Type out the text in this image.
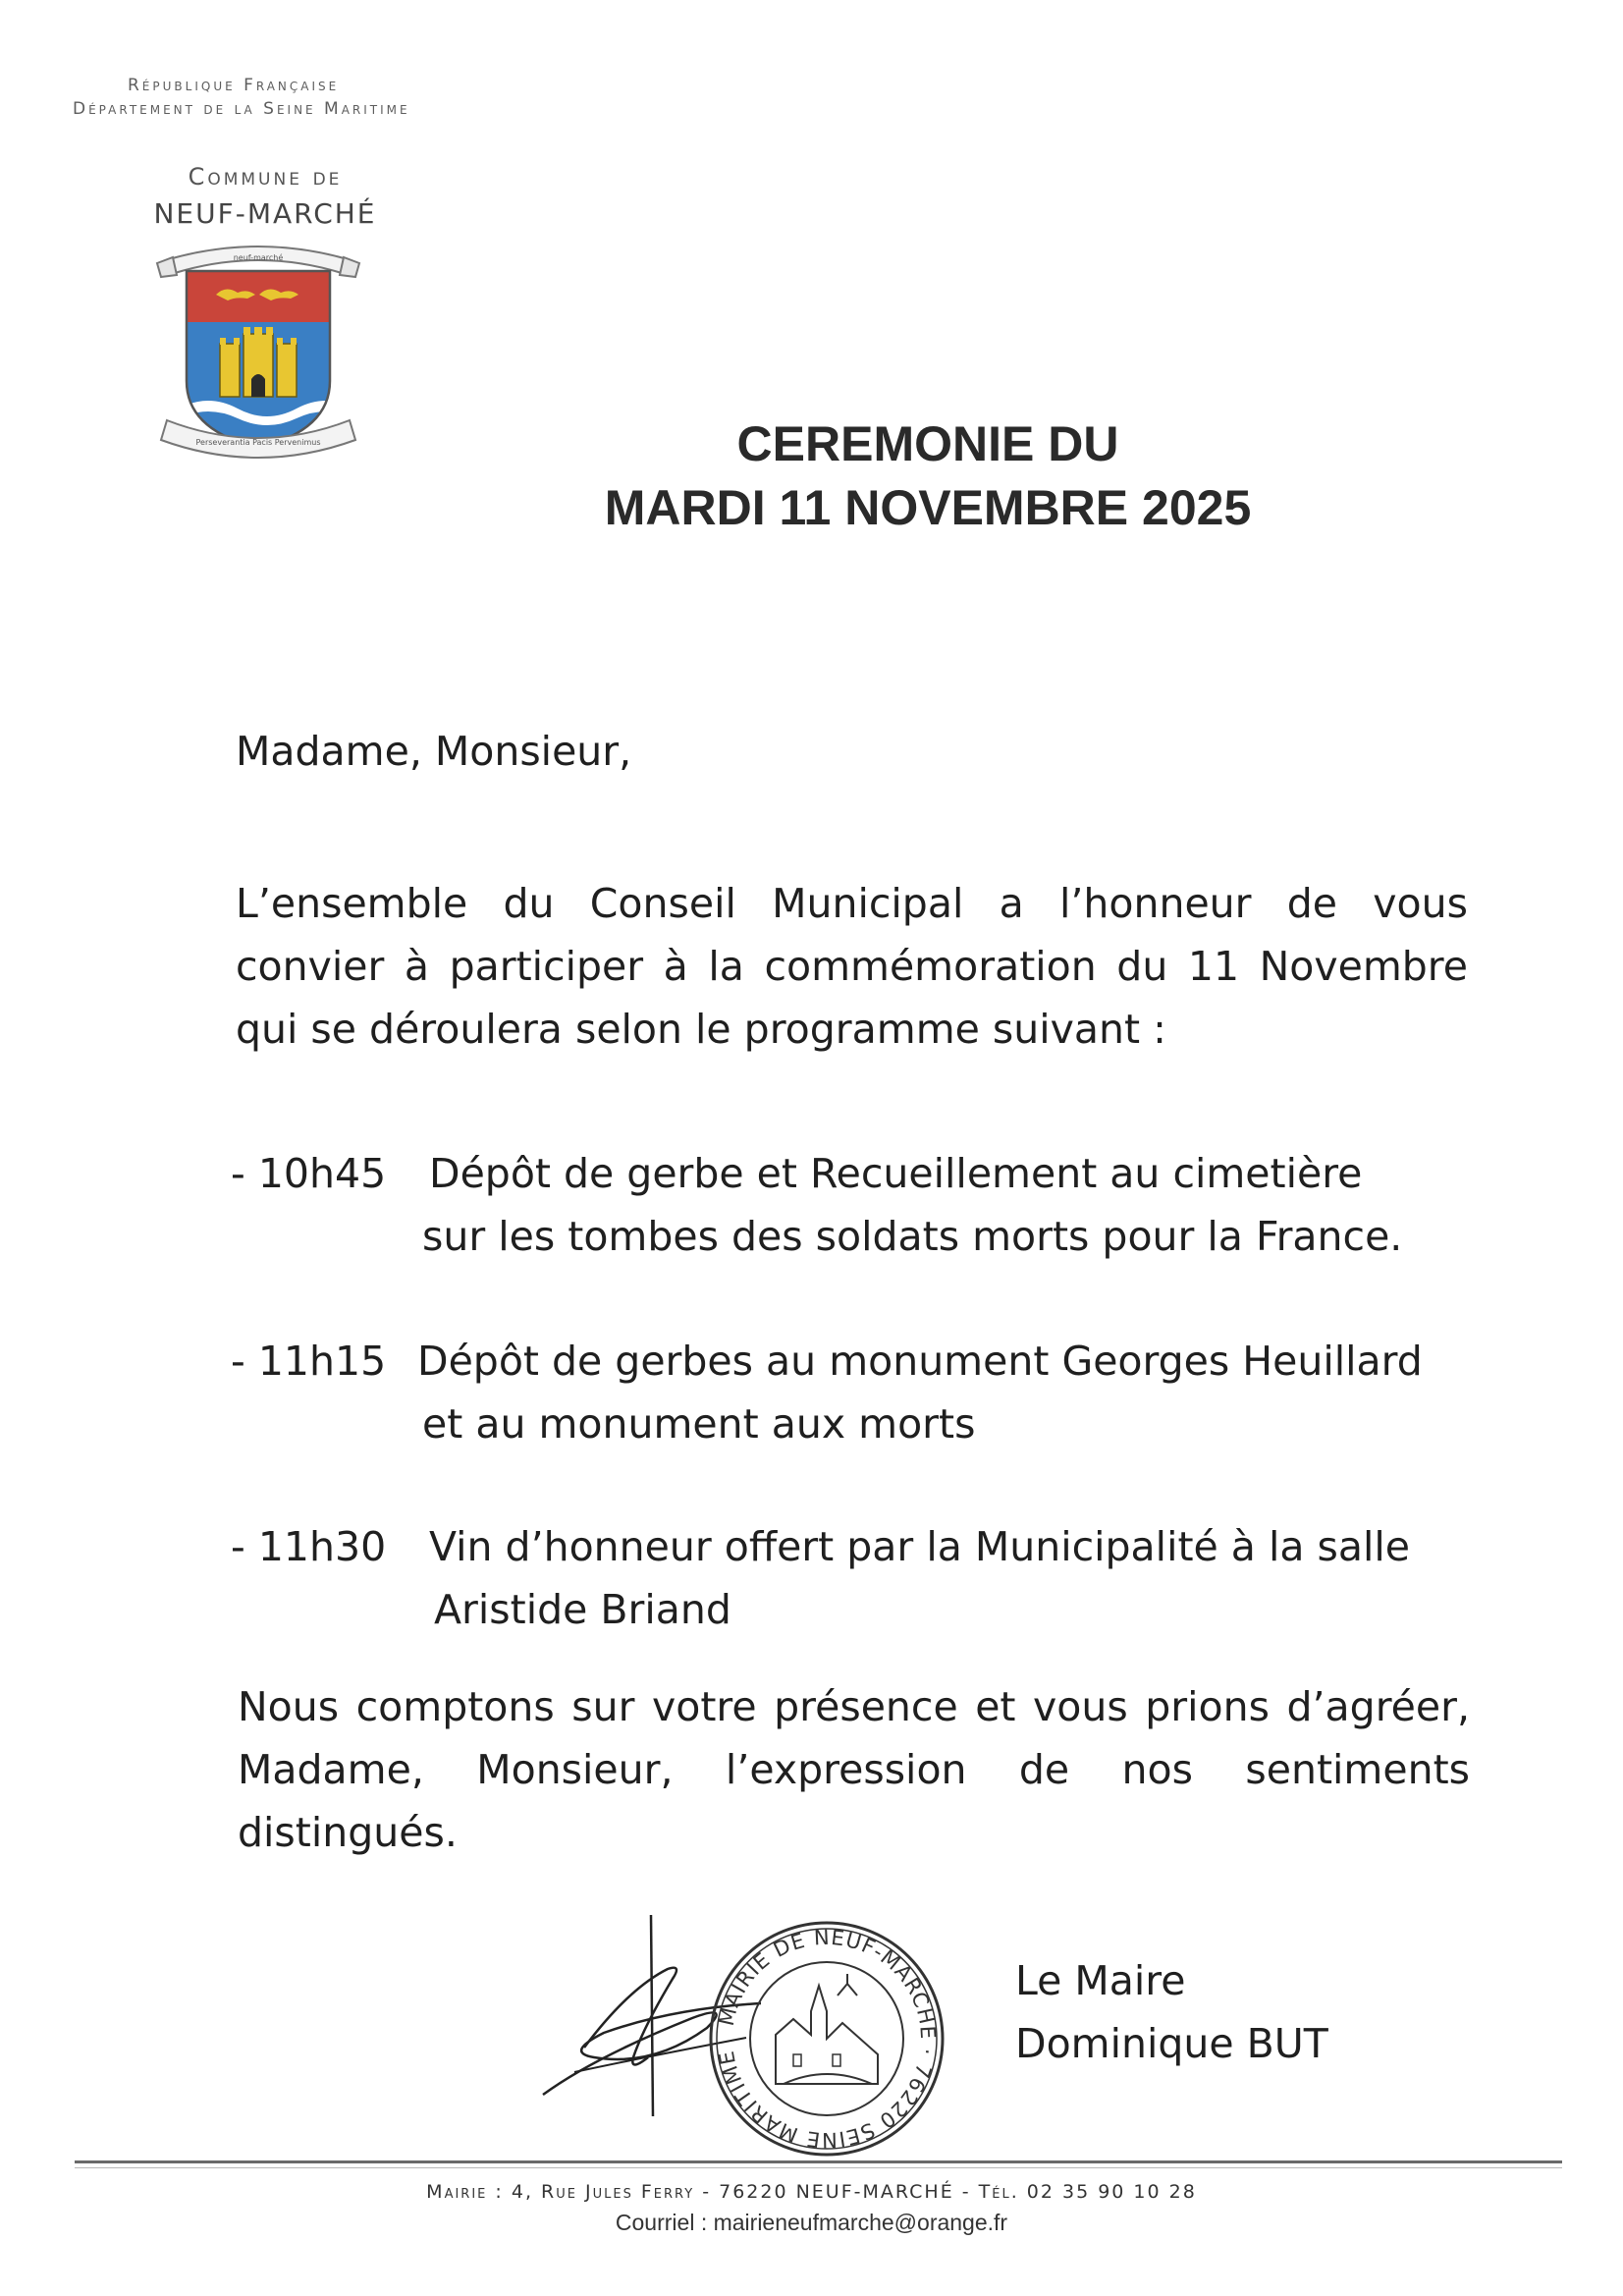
République Française
Département de la Seine Maritime
Commune de
NEUF-MARCHÉ
neuf-marché
Perseverantia Pacis Pervenimus	CEREMONIE DU
MARDI 11 NOVEMBRE 2025
Madame, Monsieur,
L’ensemble du Conseil Municipal a l’honneur de vous
convier à participer à la commémoration du 11 Novembre
qui se déroulera selon le programme suivant :
- 10h45 Dépôt de gerbe et Recueillement au cimetière
sur les tombes des soldats morts pour la France.
- 11h15 Dépôt de gerbes au monument Georges Heuillard
et au monument aux morts
- 11h30 Vin d’honneur offert par la Municipalité à la salle
Aristide Briand
Nous comptons sur votre présence et vous prions d’agréer,
Madame, Monsieur, l’expression de nos sentiments
distingués.
MAIRIE DE NEUF-MARCHE · 76220 SEINE MARITIME
Le Maire
Dominique BUT
Mairie : 4, Rue Jules Ferry - 76220 NEUF-MARCHÉ - Tél. 02 35 90 10 28
Courriel : mairieneufmarche@orange.fr
